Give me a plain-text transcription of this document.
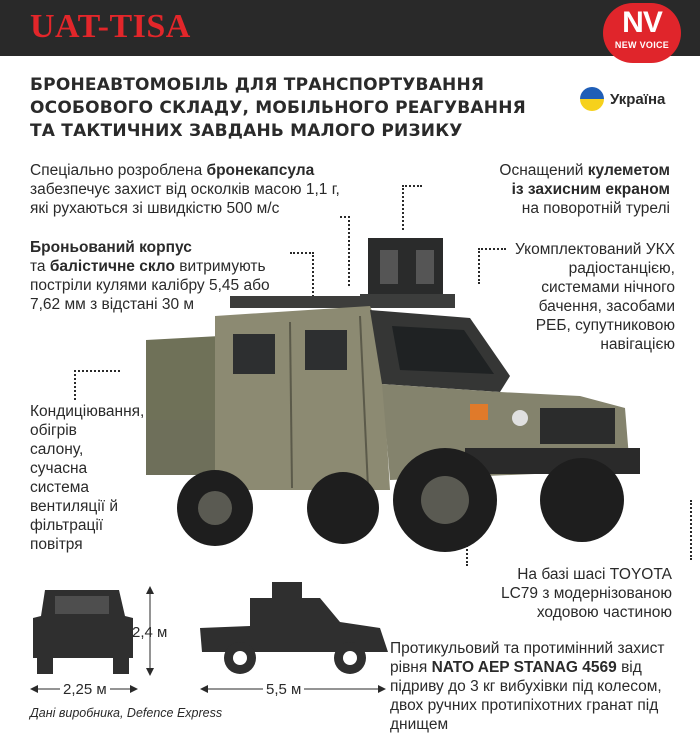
UAT-TISA	NV
NEW VOICE
БРОНЕАВТОМОБІЛЬ ДЛЯ ТРАНСПОРТУВАННЯ ОСОБОВОГО СКЛАДУ, МОБІЛЬНОГО РЕАГУВАННЯ ТА ТАКТИЧНИХ ЗАВДАНЬ МАЛОГО РИЗИКУ
Україна
Спеціально розроблена бронекапсула
забезпечує захист від осколків масою 1,1 г, які рухаються зі швидкістю 500 м/с
Броньований корпус
та балістичне скло витримують постріли кулями калібру 5,45 або 7,62 мм з відстані 30 м
Кондиціювання, обігрів салону, сучасна система вентиляції й фільтрації повітря
Оснащений кулеметом
із захисним екраном
на поворотній турелі
Укомплектований УКХ радіостанцією, системами нічного бачення, засобами РЕБ, супутниковою навігацією
На базі шасі TOYOTA LC79 з модернізованою ходовою частиною
Протикульовий та протимінний захист рівня NATO AEP STANAG 4569 від підриву до 3 кг вибухівки під колесом, двох ручних протипіхотних гранат під днищем
2,4 м
2,25 м	5,5 м
Дані виробника, Defence Express
